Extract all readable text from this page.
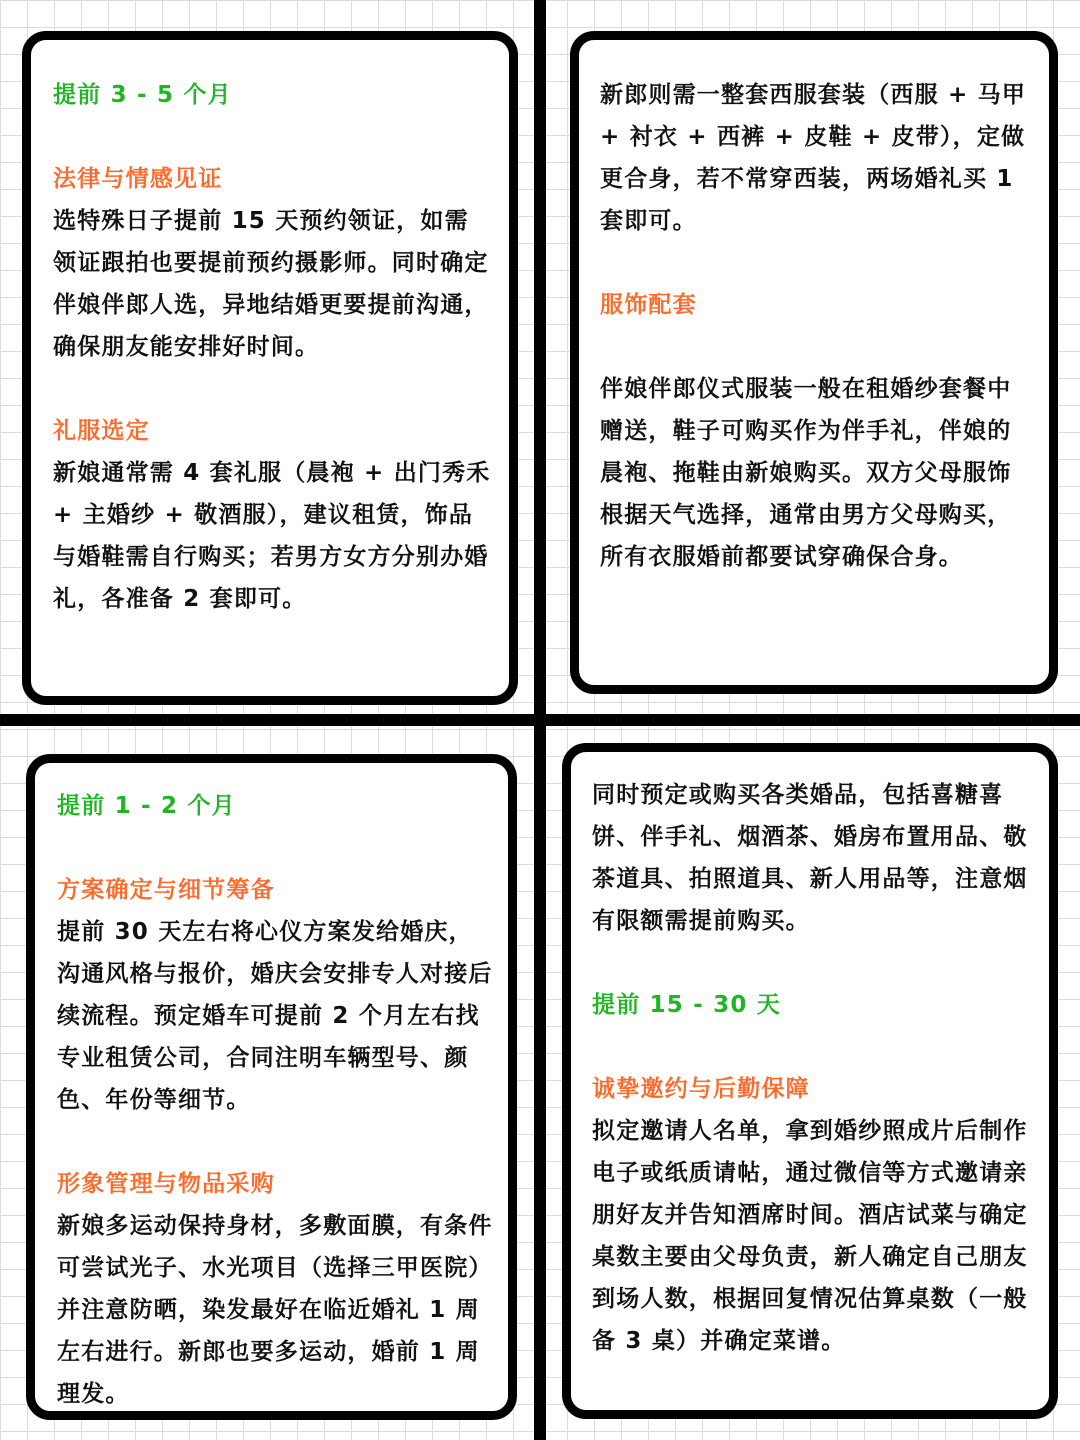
提前 3 - 5 个月

法律与情感见证

选特殊日子提前 15 天预约领证，如需领证跟拍也要提前预约摄影师。同时确定伴娘伴郎人选，异地结婚更要提前沟通，确保朋友能安排好时间。

礼服选定

新娘通常需 4 套礼服（晨袍 + 出门秀禾 + 主婚纱 + 敬酒服），建议租赁，饰品与婚鞋需自行购买；若男方女方分别办婚礼，各准备 2 套即可。

新郎则需一整套西服套装（西服 + 马甲 + 衬衣 + 西裤 + 皮鞋 + 皮带），定做更合身，若不常穿西装，两场婚礼买 1 套即可。

服饰配套

伴娘伴郎仪式服装一般在租婚纱套餐中赠送，鞋子可购买作为伴手礼，伴娘的晨袍、拖鞋由新娘购买。双方父母服饰根据天气选择，通常由男方父母购买，所有衣服婚前都要试穿确保合身。

提前 1 - 2 个月

方案确定与细节筹备

提前 30 天左右将心仪方案发给婚庆，沟通风格与报价，婚庆会安排专人对接后续流程。预定婚车可提前 2 个月左右找专业租赁公司，合同注明车辆型号、颜色、年份等细节。

形象管理与物品采购

新娘多运动保持身材，多敷面膜，有条件可尝试光子、水光项目（选择三甲医院）并注意防晒，染发最好在临近婚礼 1 周左右进行。新郎也要多运动，婚前 1 周理发。

同时预定或购买各类婚品，包括喜糖喜饼、伴手礼、烟酒茶、婚房布置用品、敬茶道具、拍照道具、新人用品等，注意烟有限额需提前购买。

提前 15 - 30 天

诚挚邀约与后勤保障

拟定邀请人名单，拿到婚纱照成片后制作电子或纸质请帖，通过微信等方式邀请亲朋好友并告知酒席时间。酒店试菜与确定桌数主要由父母负责，新人确定自己朋友到场人数，根据回复情况估算桌数（一般备 3 桌）并确定菜谱。
